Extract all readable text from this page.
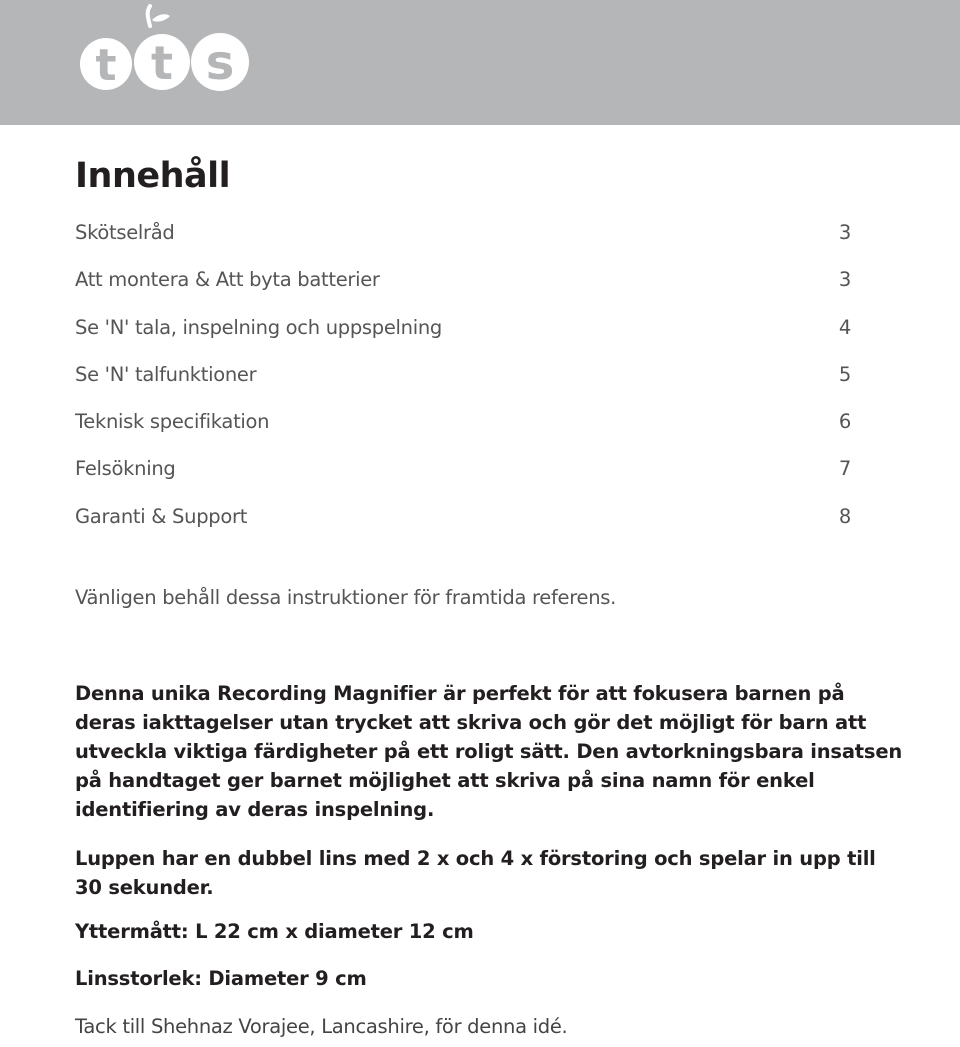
t t s
Innehåll
Skötselråd	3
Att montera & Att byta batterier	3
Se 'N' tala, inspelning och uppspelning	4
Se 'N' talfunktioner	5
Teknisk specifikation	6
Felsökning	7
Garanti & Support	8
Vänligen behåll dessa instruktioner för framtida referens.

Denna unika Recording Magnifier är perfekt för att fokusera barnen på deras iakttagelser utan trycket att skriva och gör det möjligt för barn att utveckla viktiga färdigheter på ett roligt sätt. Den avtorkningsbara insatsen på handtaget ger barnet möjlighet att skriva på sina namn för enkel identifiering av deras inspelning.

Luppen har en dubbel lins med 2 x och 4 x förstoring och spelar in upp till 30 sekunder.

Yttermått: L 22 cm x diameter 12 cm

Linsstorlek: Diameter 9 cm

Tack till Shehnaz Vorajee, Lancashire, för denna idé.
